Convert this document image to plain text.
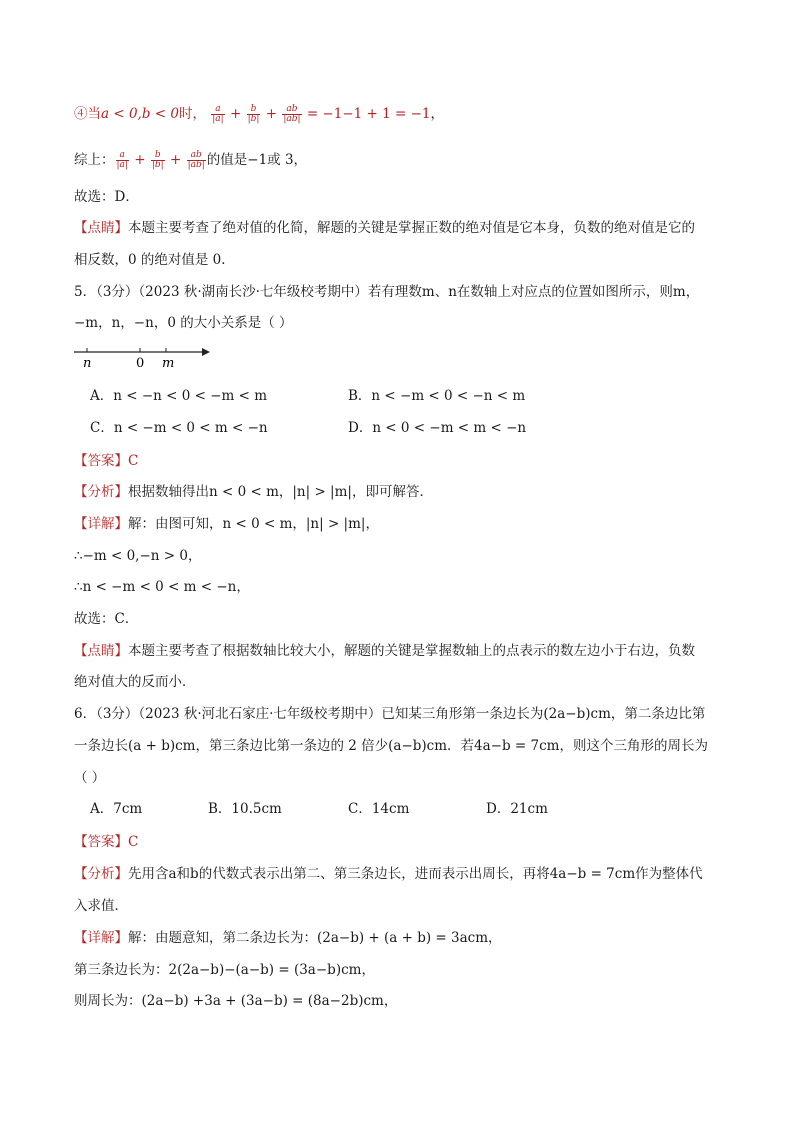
④当a < 0,b < 0时， $\frac{a}{|a|} + \frac{b}{|b|} + \frac{ab}{|ab|} = -1-1 + 1 = -1$，
综上： $\frac{a}{|a|} + \frac{b}{|b|} + \frac{ab}{|ab|}$ 的值是−1或 3，
故选：D．
【点睛】本题主要考查了绝对值的化简，解题的关键是掌握正数的绝对值是它本身，负数的绝对值是它的
相反数，0 的绝对值是 0．
5．（3分）（2023 秋·湖南长沙·七年级校考期中）若有理数m、n在数轴上对应点的位置如图所示，则m，
−m，n，−n，0 的大小关系是（ ）
n	0 m
A．n < −n < 0 < −m < m	B．n < −m < 0 < −n < m
C．n < −m < 0 < m < −n	D．n < 0 < −m < m < −n
【答案】C
【分析】根据数轴得出n < 0 < m，|n| > |m|，即可解答．
【详解】解：由图可知，n < 0 < m，|n| > |m|，
∴−m < 0,−n > 0，
∴n < −m < 0 < m < −n，
故选：C．
【点睛】本题主要考查了根据数轴比较大小，解题的关键是掌握数轴上的点表示的数左边小于右边，负数
绝对值大的反而小．
6．（3分）（2023 秋·河北石家庄·七年级校考期中）已知某三角形第一条边长为(2a−b)cm，第二条边比第
一条边长(a + b)cm，第三条边比第一条边的 2 倍少(a−b)cm．若4a−b = 7cm，则这个三角形的周长为
（ ）
A．7cm	B．10.5cm	C．14cm	D．21cm
【答案】C
【分析】先用含a和b的代数式表示出第二、第三条边长，进而表示出周长，再将4a−b = 7cm作为整体代
入求值．
【详解】解：由题意知，第二条边长为：(2a−b) + (a + b) = 3acm，
第三条边长为：2(2a−b)−(a−b) = (3a−b)cm，
则周长为：(2a−b) +3a + (3a−b) = (8a−2b)cm，
